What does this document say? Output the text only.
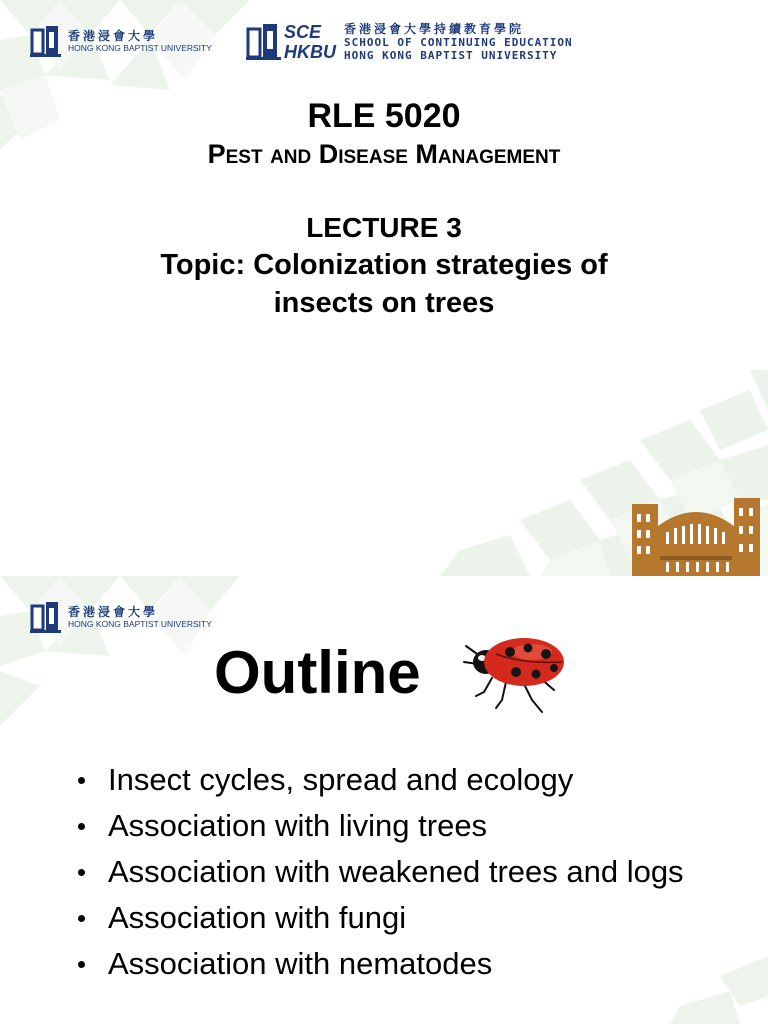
香港浸會大學
HONG KONG BAPTIST UNIVERSITY
SCE
HKBU
香港浸會大學持續教育學院
SCHOOL OF CONTINUING EDUCATION
HONG KONG BAPTIST UNIVERSITY
RLE 5020
Pest and Disease Management
LECTURE 3
Topic: Colonization strategies of
insects on trees
香港浸會大學
HONG KONG BAPTIST UNIVERSITY
Outline
Insect cycles, spread and ecology
Association with living trees
Association with weakened trees and logs
Association with fungi
Association with nematodes
